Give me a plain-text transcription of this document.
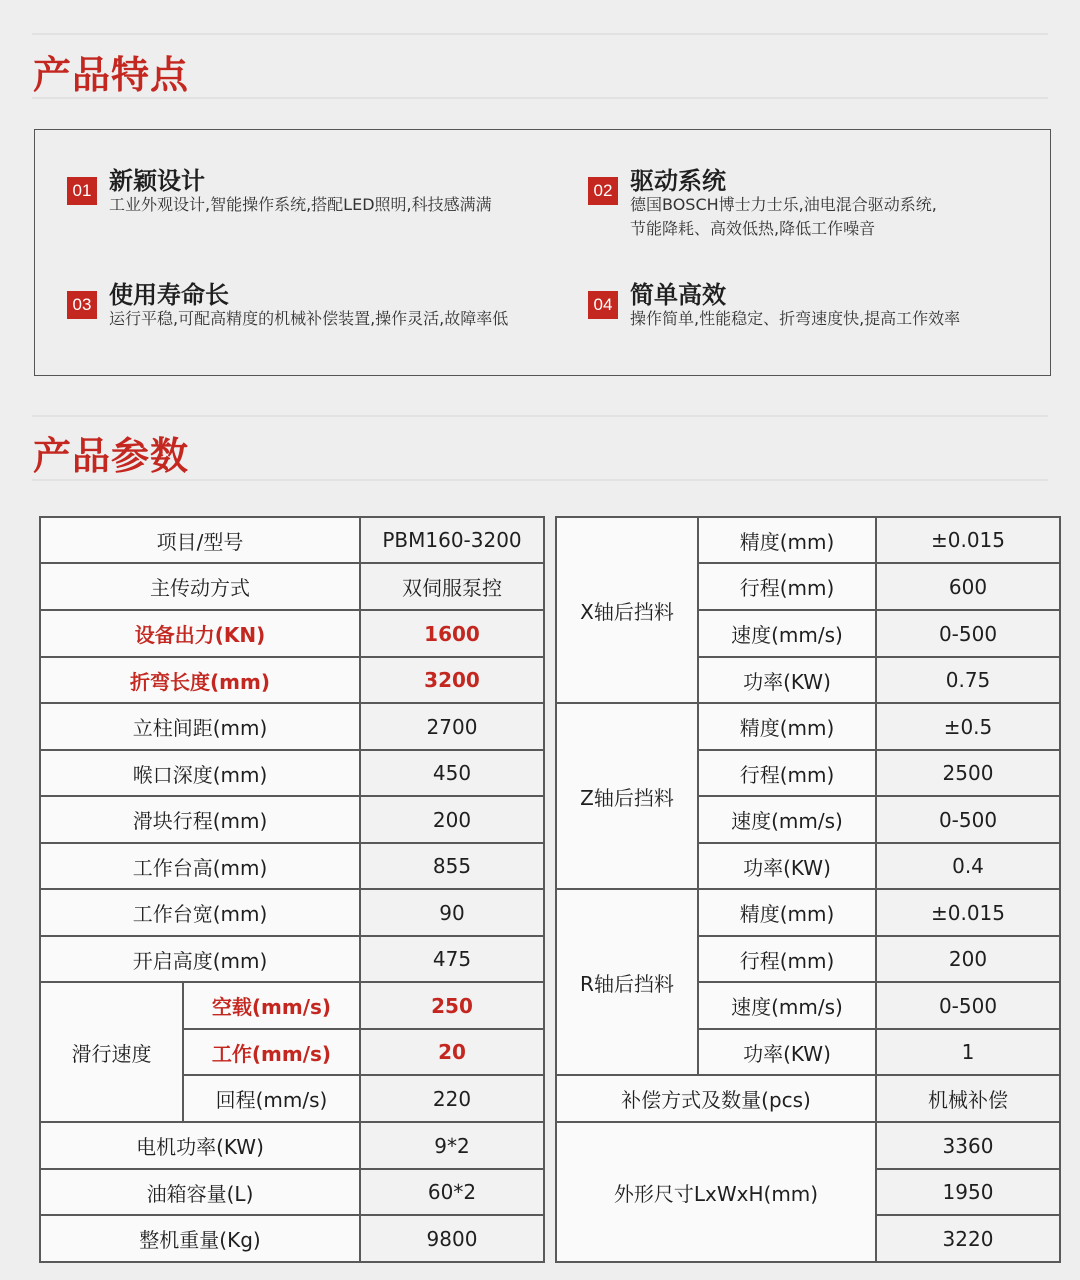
产品特点
01 新颖设计
工业外观设计,智能操作系统,搭配LED照明,科技感满满
02 驱动系统
德国BOSCH博士力士乐,油电混合驱动系统,
节能降耗、高效低热,降低工作噪音
03 使用寿命长
运行平稳,可配高精度的机械补偿装置,操作灵活,故障率低
04 简单高效
操作简单,性能稳定、折弯速度快,提高工作效率
产品参数
项目/型号		PBM160-3200
主传动方式		双伺服泵控
设备出力(KN)		1600
折弯长度(mm)		3200
立柱间距(mm)		2700
喉口深度(mm)		450
滑块行程(mm)		200
工作台高(mm)		855
工作台宽(mm)		90
开启高度(mm)		475
滑行速度	空载(mm/s)	250
	工作(mm/s)	20
	回程(mm/s)	220
电机功率(KW)		9*2
油箱容量(L)		60*2
整机重量(Kg)		9800
X轴后挡料	精度(mm)	±0.015
	行程(mm)	600
	速度(mm/s)	0-500
	功率(KW)	0.75
Z轴后挡料	精度(mm)	±0.5
	行程(mm)	2500
	速度(mm/s)	0-500
	功率(KW)	0.4
R轴后挡料	精度(mm)	±0.015
	行程(mm)	200
	速度(mm/s)	0-500
	功率(KW)	1
补偿方式及数量(pcs)		机械补偿
外形尺寸LxWxH(mm)		3360
		1950
		3220
